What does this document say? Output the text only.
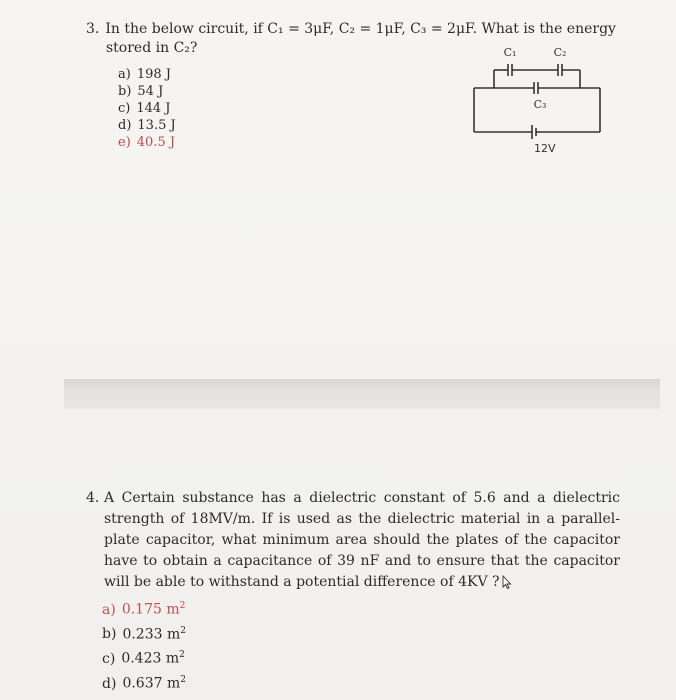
3. In the below circuit, if C₁ = 3μF, C₂ = 1μF, C₃ = 2μF. What is the energy
stored in C₂?
a) 198 J
b) 54 J
c) 144 J
d) 13.5 J
e) 40.5 J
C₁	C₂
C₃
12V
4. A Certain substance has a dielectric constant of 5.6 and a dielectric strength of 18MV/m. If is used as the dielectric material in a parallel-plate capacitor, what minimum area should the plates of the capacitor have to obtain a capacitance of 39 nF and to ensure that the capacitor will be able to withstand a potential difference of 4KV ?
a) 0.175 $m^2$
b) 0.233 $m^2$
c) 0.423 $m^2$
d) 0.637 $m^2$
